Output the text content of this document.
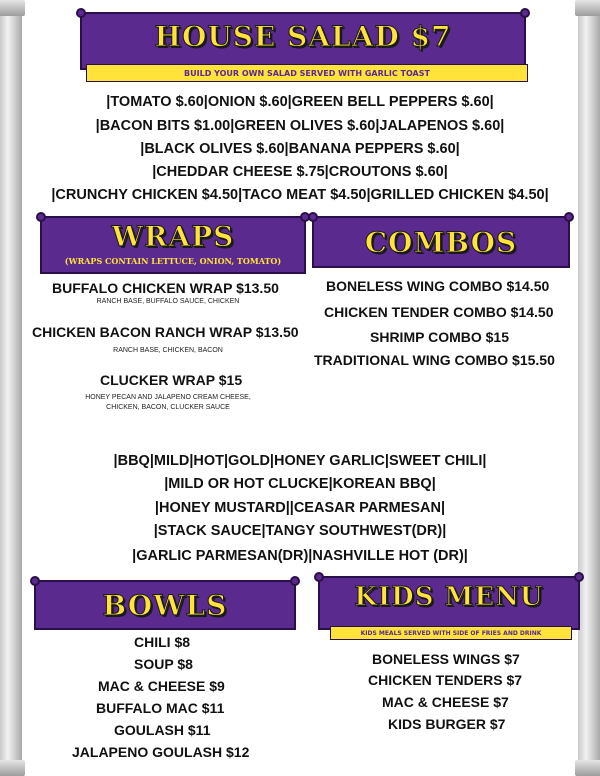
HOUSE SALAD $7
BUILD YOUR OWN SALAD SERVED WITH GARLIC TOAST
|TOMATO $.60|ONION $.60|GREEN BELL PEPPERS $.60|
|BACON BITS $1.00|GREEN OLIVES $.60|JALAPENOS $.60|
|BLACK OLIVES $.60|BANANA PEPPERS $.60|
|CHEDDAR CHEESE $.75|CROUTONS $.60|
|CRUNCHY CHICKEN $4.50|TACO MEAT $4.50|GRILLED CHICKEN $4.50|
WRAPS
(WRAPS CONTAIN LETTUCE, ONION, TOMATO)
BUFFALO CHICKEN WRAP $13.50
RANCH BASE, BUFFALO SAUCE, CHICKEN
CHICKEN BACON RANCH WRAP $13.50
RANCH BASE, CHICKEN, BACON
CLUCKER WRAP $15
HONEY PECAN AND JALAPENO CREAM CHEESE,
CHICKEN, BACON, CLUCKER SAUCE
COMBOS
BONELESS WING COMBO $14.50
CHICKEN TENDER COMBO $14.50
SHRIMP COMBO $15
TRADITIONAL WING COMBO $15.50
|BBQ|MILD|HOT|GOLD|HONEY GARLIC|SWEET CHILI|
|MILD OR HOT CLUCKE|KOREAN BBQ|
|HONEY MUSTARD||CEASAR PARMESAN|
|STACK SAUCE|TANGY SOUTHWEST(DR)|
|GARLIC PARMESAN(DR)|NASHVILLE HOT (DR)|
BOWLS
CHILI $8
SOUP $8
MAC & CHEESE $9
BUFFALO MAC $11
GOULASH $11
JALAPENO GOULASH $12
KIDS MENU
KIDS MEALS SERVED WITH SIDE OF FRIES AND DRINK
BONELESS WINGS $7
CHICKEN TENDERS $7
MAC & CHEESE $7
KIDS BURGER $7
